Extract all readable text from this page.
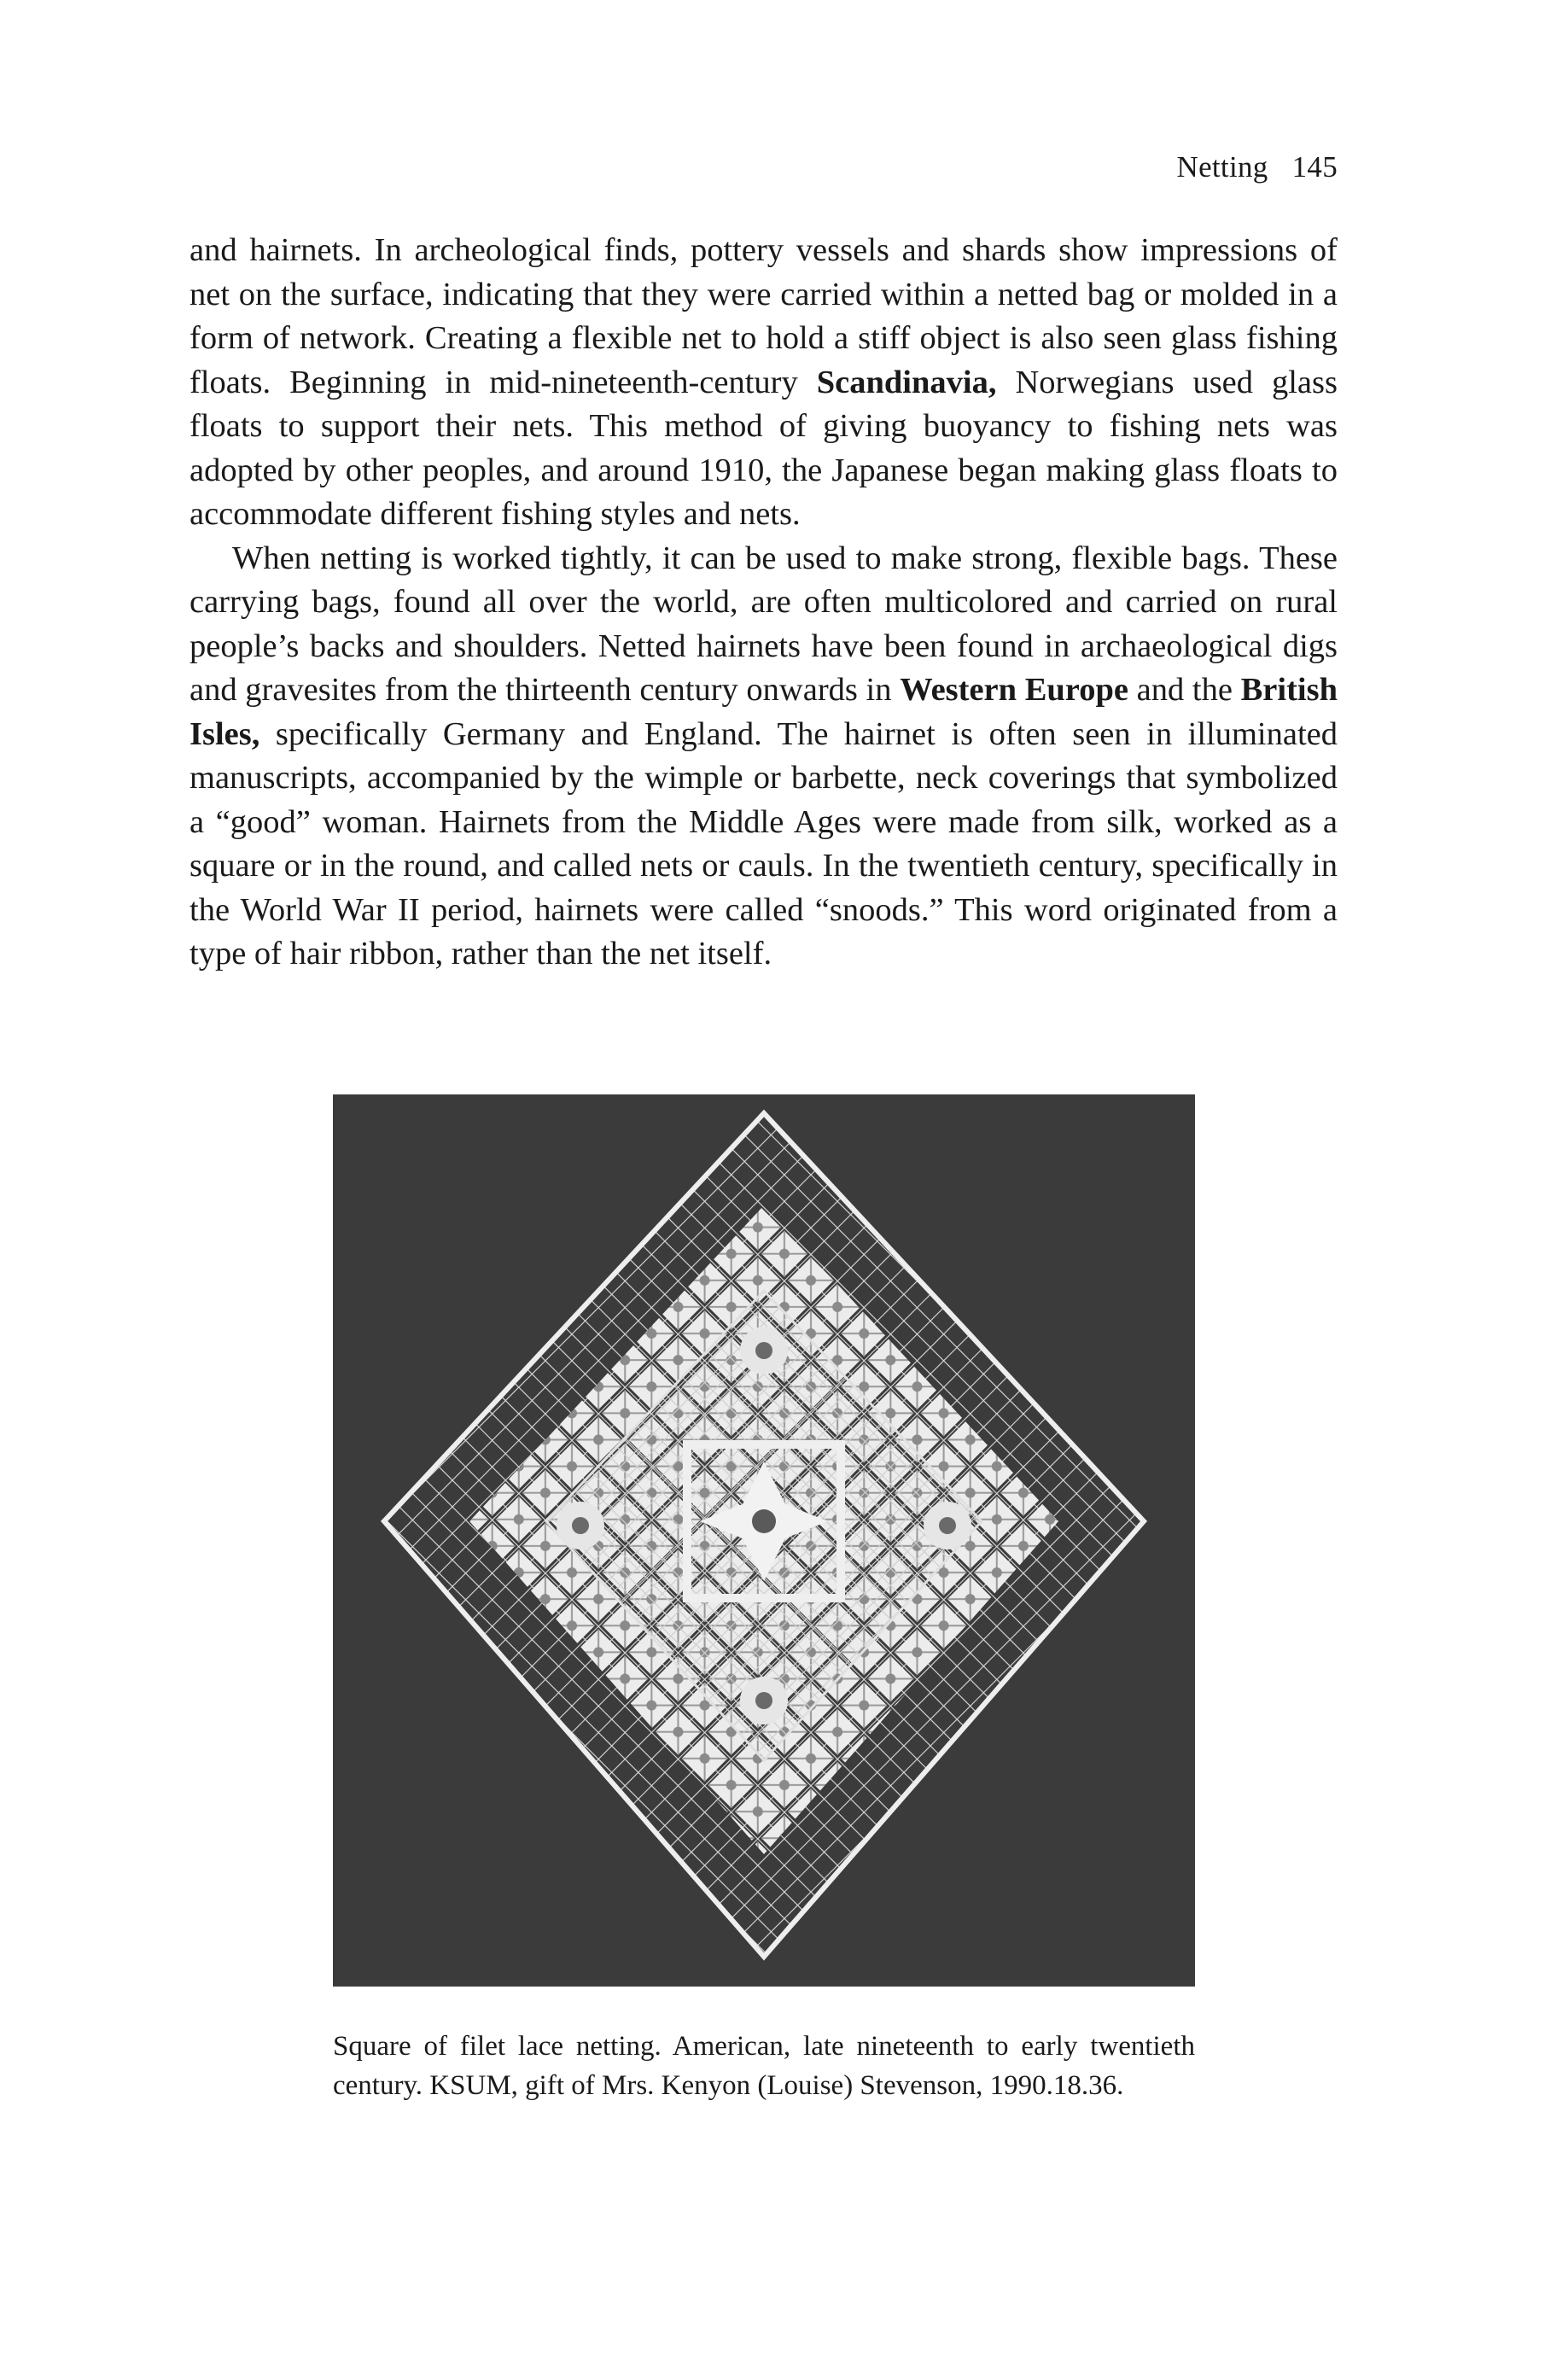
Netting 145

and hairnets. In archeological finds, pottery vessels and shards show impressions of net on the surface, indicating that they were carried within a netted bag or molded in a form of network. Creating a flexible net to hold a stiff object is also seen glass fishing floats. Beginning in mid-nineteenth-century Scandinavia, Norwegians used glass floats to support their nets. This method of giving buoyancy to fishing nets was adopted by other peoples, and around 1910, the Japanese began making glass floats to accommodate different fishing styles and nets.

When netting is worked tightly, it can be used to make strong, flexible bags. These carrying bags, found all over the world, are often multicolored and carried on rural people’s backs and shoulders. Netted hairnets have been found in archaeological digs and gravesites from the thirteenth century onwards in Western Europe and the British Isles, specifically Germany and England. The hairnet is often seen in illuminated manuscripts, accompanied by the wimple or barbette, neck coverings that symbolized a “good” woman. Hairnets from the Middle Ages were made from silk, worked as a square or in the round, and called nets or cauls. In the twentieth century, specifically in the World War II period, hairnets were called “snoods.” This word originated from a type of hair ribbon, rather than the net itself.

Square of filet lace netting. American, late nineteenth to early twentieth century. KSUM, gift of Mrs. Kenyon (Louise) Stevenson, 1990.18.36.
